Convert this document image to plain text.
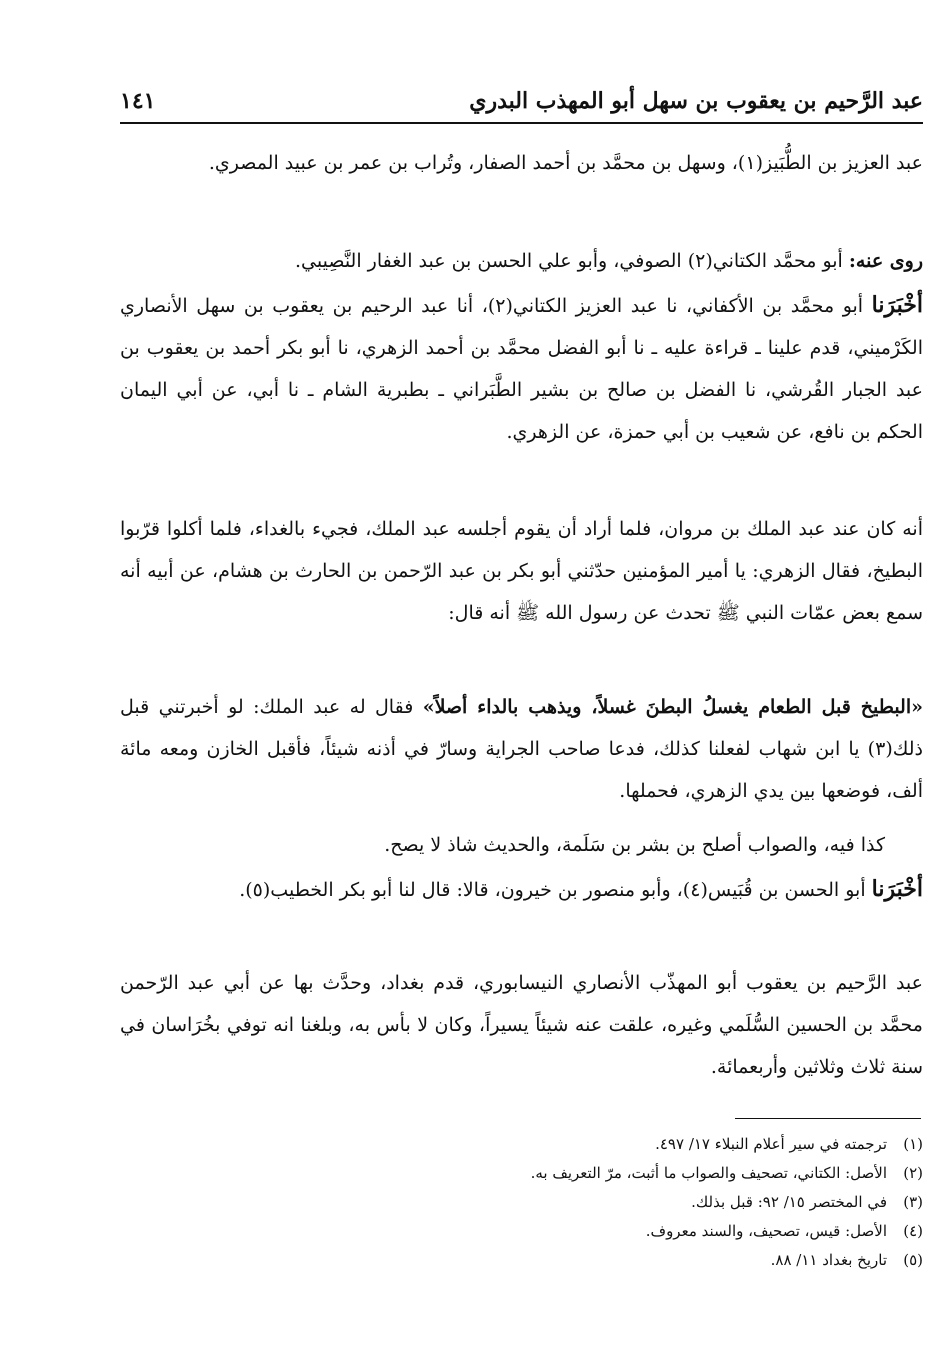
عبد الرَّحيم بن يعقوب بن سهل أبو المهذب البدري
١٤١

عبد العزيز بن الطُّبَيز(١)، وسهل بن محمَّد بن أحمد الصفار، وتُراب بن عمر بن عبيد المصري.

روى عنه: أبو محمَّد الكتاني(٢) الصوفي، وأبو علي الحسن بن عبد الغفار النَّصِيبي.

أخْبَرَنا أبو محمَّد بن الأكفاني، نا عبد العزيز الكتاني(٢)، أنا عبد الرحيم بن يعقوب بن سهل الأنصاري الكَرْميني، قدم علينا ـ قراءة عليه ـ نا أبو الفضل محمَّد بن أحمد الزهري، نا أبو بكر أحمد بن يعقوب بن عبد الجبار القُرشي، نا الفضل بن صالح بن بشير الطَّبَراني ـ بطبرية الشام ـ نا أبي، عن أبي اليمان الحكم بن نافع، عن شعيب بن أبي حمزة، عن الزهري.

أنه كان عند عبد الملك بن مروان، فلما أراد أن يقوم أجلسه عبد الملك، فجيء بالغداء، فلما أكلوا قرّبوا البطيخ، فقال الزهري: يا أمير المؤمنين حدّثني أبو بكر بن عبد الرّحمن بن الحارث بن هشام، عن أبيه أنه سمع بعض عمّات النبي ﷺ تحدث عن رسول الله ﷺ أنه قال:

«البطيخ قبل الطعام يغسلُ البطنَ غسلاً، ويذهب بالداء أصلاً» فقال له عبد الملك: لو أخبرتني قبل ذلك(٣) يا ابن شهاب لفعلنا كذلك، فدعا صاحب الجراية وسارّ في أذنه شيئاً، فأقبل الخازن ومعه مائة ألف، فوضعها بين يدي الزهري، فحملها.

كذا فيه، والصواب أصلح بن بشر بن سَلَمة، والحديث شاذ لا يصح.

أخْبَرَنا أبو الحسن بن قُبَيس(٤)، وأبو منصور بن خيرون، قالا: قال لنا أبو بكر الخطيب(٥).

عبد الرَّحيم بن يعقوب أبو المهذّب الأنصاري النيسابوري، قدم بغداد، وحدَّث بها عن أبي عبد الرّحمن محمَّد بن الحسين السُّلَمي وغيره، علقت عنه شيئاً يسيراً، وكان لا بأس به، وبلغنا انه توفي بخُرَاسان في سنة ثلاث وثلاثين وأربعمائة.

(١)ترجمته في سير أعلام النبلاء ١٧/ ٤٩٧.
(٢)الأصل: الكتاني، تصحيف والصواب ما أثبت، مرّ التعريف به.
(٣)في المختصر ١٥/ ٩٢: قبل بذلك.
(٤)الأصل: قيس، تصحيف، والسند معروف.
(٥)تاريخ بغداد ١١/ ٨٨.
